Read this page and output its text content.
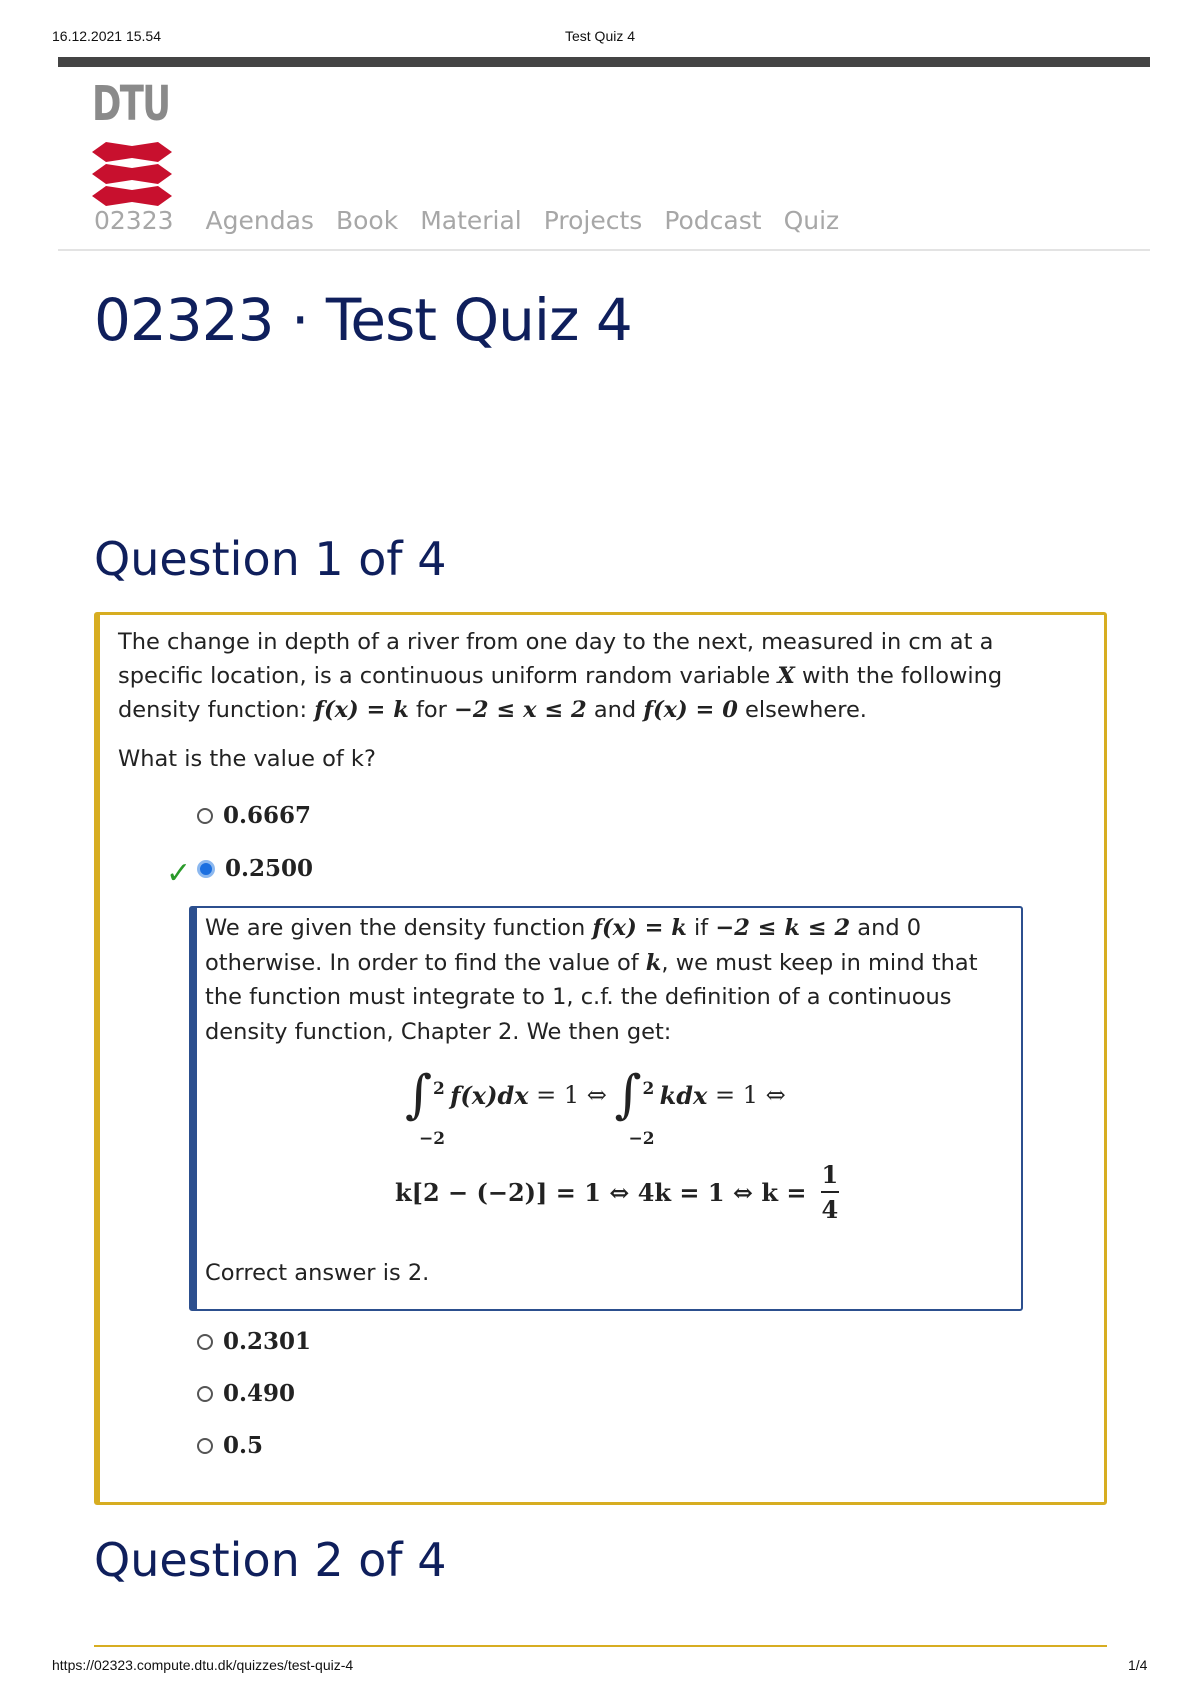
16.12.2021 15.54	Test Quiz 4
DTU
02323 Agendas Book Material Projects Podcast Quiz
02323 · Test Quiz 4
Question 1 of 4
The change in depth of a river from one day to the next, measured in cm at a specific location, is a continuous uniform random variable X with the following density function: f(x) = k for −2 ≤ x ≤ 2 and f(x) = 0 elsewhere.
What is the value of k?
0.6667
✓ 0.2500
We are given the density function f(x) = k if −2 ≤ k ≤ 2 and 0 otherwise. In order to find the value of k, we must keep in mind that the function must integrate to 1, c.f. the definition of a continuous density function, Chapter 2. We then get:
∫ 2
−2
f(x)dx = 1 ⇔ ∫ 2
−2
kdx = 1 ⇔
k[2 − (−2)] = 1 ⇔ 4k = 1 ⇔ $k = \frac{1}{4}$
Correct answer is 2.
0.2301
0.490
0.5
Question 2 of 4
https://02323.compute.dtu.dk/quizzes/test-quiz-4	1/4
